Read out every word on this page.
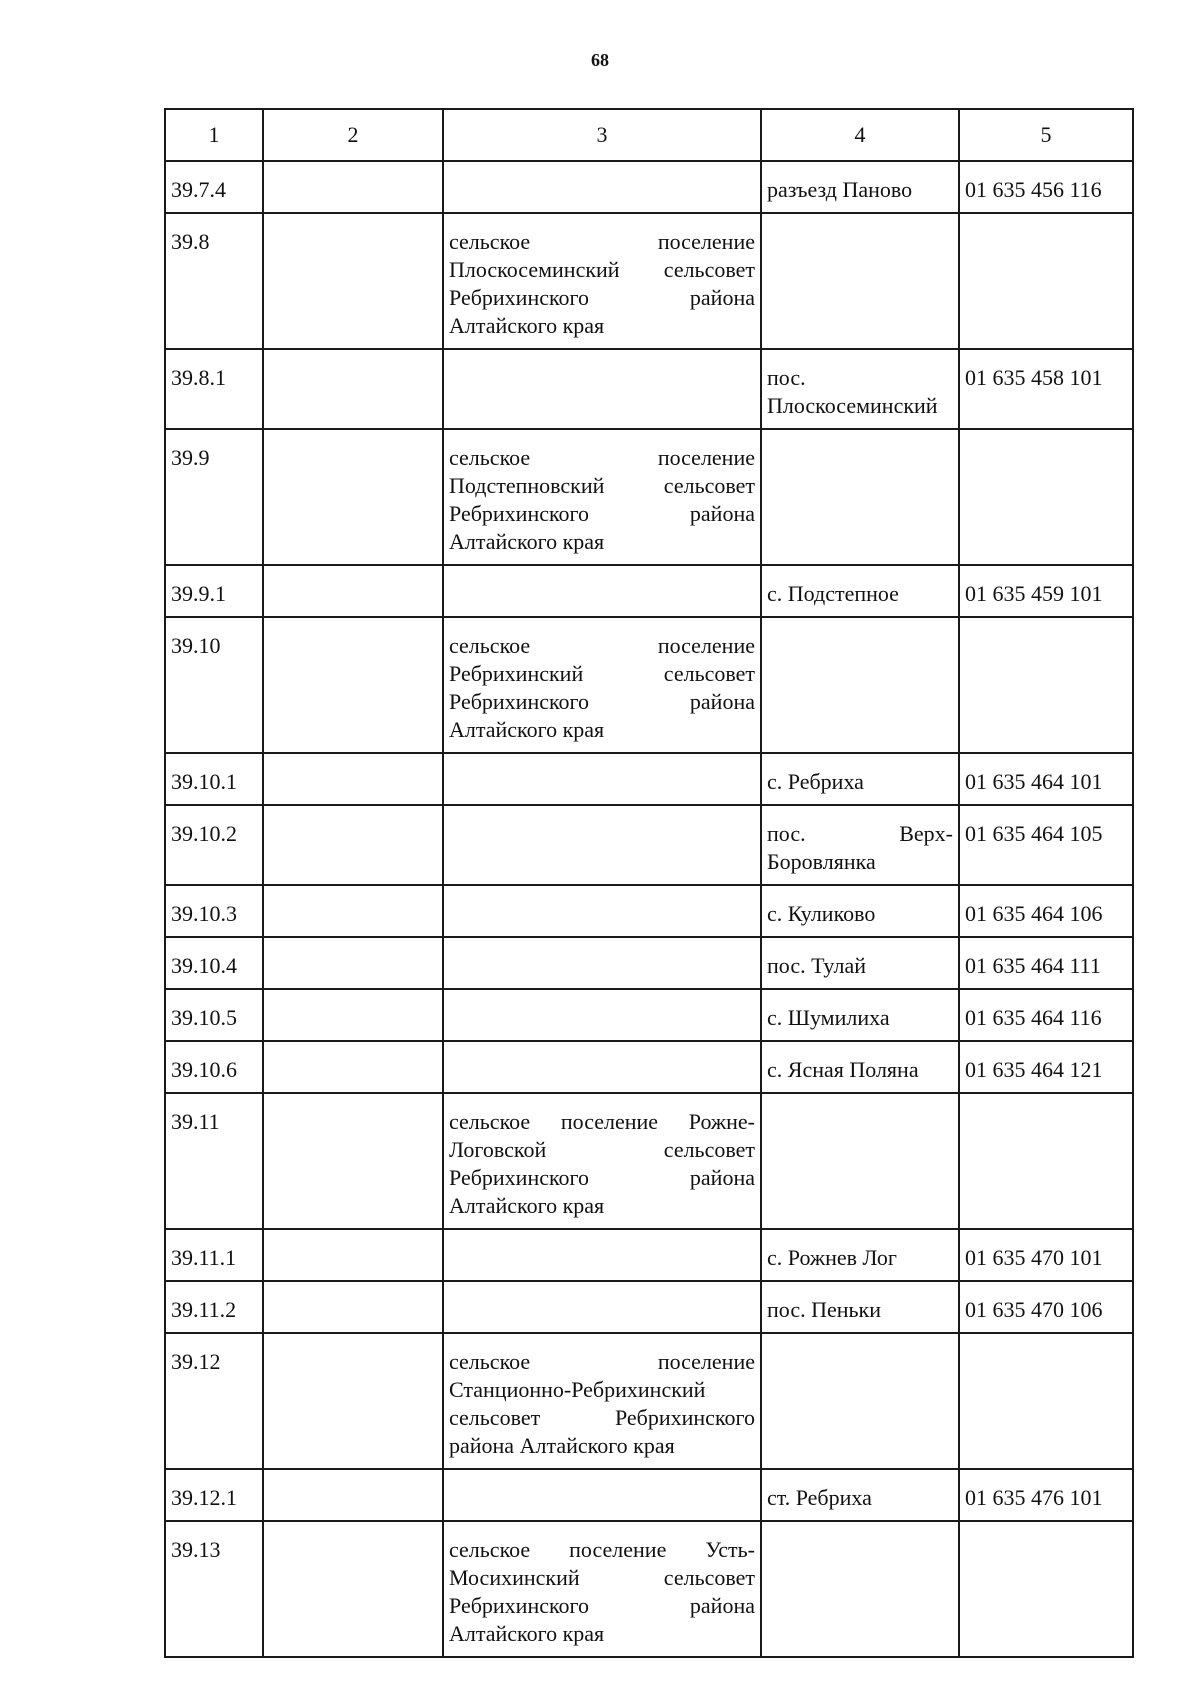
68
1	2	3	4	5
39.7.4			разъезд Паново	01 635 456 116
39.8		сельское поселение Плоскосеминский сельсовет Ребрихинского района Алтайского края		
39.8.1			пос. Плоскосеминский	01 635 458 101
39.9		сельское поселение Подстепновский сельсовет Ребрихинского района Алтайского края		
39.9.1			с. Подстепное	01 635 459 101
39.10		сельское поселение Ребрихинский сельсовет Ребрихинского района Алтайского края		
39.10.1			с. Ребриха	01 635 464 101
39.10.2			пос. Верх-Боровлянка	01 635 464 105
39.10.3			с. Куликово	01 635 464 106
39.10.4			пос. Тулай	01 635 464 111
39.10.5			с. Шумилиха	01 635 464 116
39.10.6			с. Ясная Поляна	01 635 464 121
39.11		сельское поселение Рожне-Логовской сельсовет Ребрихинского района Алтайского края		
39.11.1			с. Рожнев Лог	01 635 470 101
39.11.2			пос. Пеньки	01 635 470 106
39.12		сельское поселение Станционно-Ребрихинский сельсовет Ребрихинского района Алтайского края		
39.12.1			ст. Ребриха	01 635 476 101
39.13		сельское поселение Усть-Мосихинский сельсовет Ребрихинского района Алтайского края		
